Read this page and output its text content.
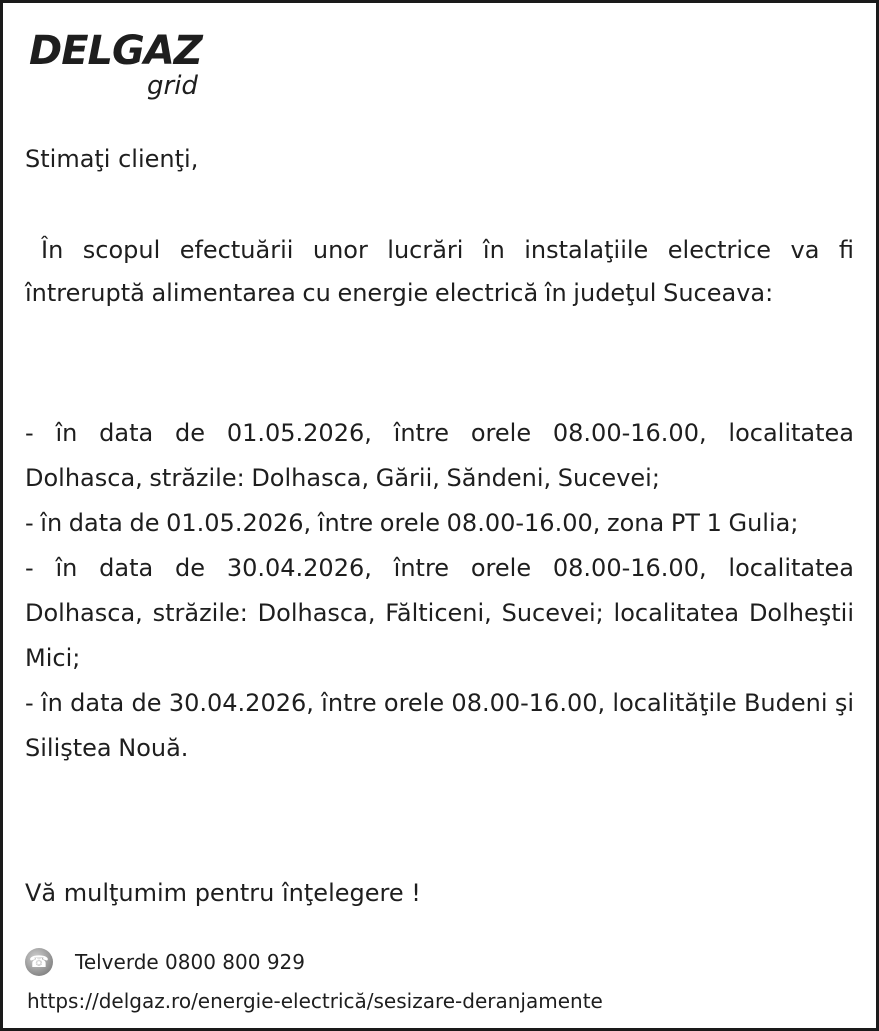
DELGAZ
grid
Stimaţi clienţi,
În scopul efectuării unor lucrări în instalaţiile electrice va fi întreruptă alimentarea cu energie electrică în judeţul Suceava:
- în data de 01.05.2026, între orele 08.00-16.00, localitatea Dolhasca, străzile: Dolhasca, Gării, Săndeni, Sucevei;
- în data de 01.05.2026, între orele 08.00-16.00, zona PT 1 Gulia;
- în data de 30.04.2026, între orele 08.00-16.00, localitatea Dolhasca, străzile: Dolhasca, Fălticeni, Sucevei; localitatea Dolheştii Mici;
- în data de 30.04.2026, între orele 08.00-16.00, localităţile Budeni şi Siliştea Nouă.
Vă mulţumim pentru înţelegere !
☎ Telverde 0800 800 929
https://delgaz.ro/energie-electrică/sesizare-deranjamente
